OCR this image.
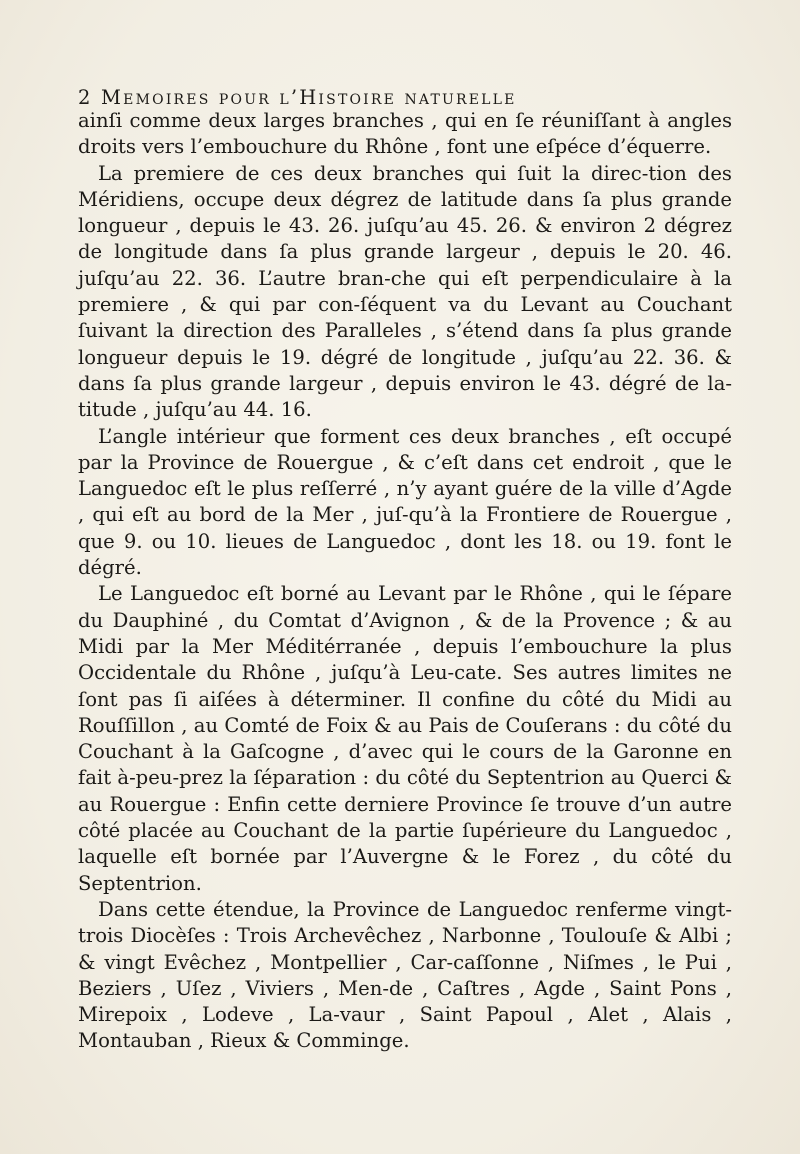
2 Memoires pour l’Histoire naturelle

ainſi comme deux larges branches , qui en ſe réuniſſant à angles droits vers l’embouchure du Rhône , font une eſpéce d’équerre.

La premiere de ces deux branches qui ſuit la direc-tion des Méridiens, occupe deux dégrez de latitude dans ſa plus grande longueur , depuis le 43. 26. juſqu’au 45. 26. & environ 2 dégrez de longitude dans ſa plus grande largeur , depuis le 20. 46. juſqu’au 22. 36. L’autre bran-che qui eſt perpendiculaire à la premiere , & qui par con-ſéquent va du Levant au Couchant ſuivant la direction des Paralleles , s’étend dans ſa plus grande longueur depuis le 19. dégré de longitude , juſqu’au 22. 36. & dans ſa plus grande largeur , depuis environ le 43. dégré de la-titude , juſqu’au 44. 16.

L’angle intérieur que forment ces deux branches , eſt occupé par la Province de Rouergue , & c’eſt dans cet endroit , que le Languedoc eſt le plus reſſerré , n’y ayant guére de la ville d’Agde , qui eſt au bord de la Mer , juſ-qu’à la Frontiere de Rouergue , que 9. ou 10. lieues de Languedoc , dont les 18. ou 19. font le dégré.

Le Languedoc eſt borné au Levant par le Rhône , qui le ſépare du Dauphiné , du Comtat d’Avignon , & de la Provence ; & au Midi par la Mer Méditérranée , depuis l’embouchure la plus Occidentale du Rhône , juſqu’à Leu-cate. Ses autres limites ne ſont pas ſi aiſées à déterminer. Il confine du côté du Midi au Rouſſillon , au Comté de Foix & au Pais de Couſerans : du côté du Couchant à la Gaſcogne , d’avec qui le cours de la Garonne en fait à-peu-prez la ſéparation : du côté du Septentrion au Querci & au Rouergue : Enfin cette derniere Province ſe trouve d’un autre côté placée au Couchant de la partie ſupérieure du Languedoc , laquelle eſt bornée par l’Auvergne & le Forez , du côté du Septentrion.

Dans cette étendue, la Province de Languedoc renferme vingt-trois Diocèſes : Trois Archevêchez , Narbonne , Toulouſe & Albi ; & vingt Evêchez , Montpellier , Car-caſſonne , Niſmes , le Pui , Beziers , Uſez , Viviers , Men-de , Caſtres , Agde , Saint Pons , Mirepoix , Lodeve , La-vaur , Saint Papoul , Alet , Alais , Montauban , Rieux & Comminge.
